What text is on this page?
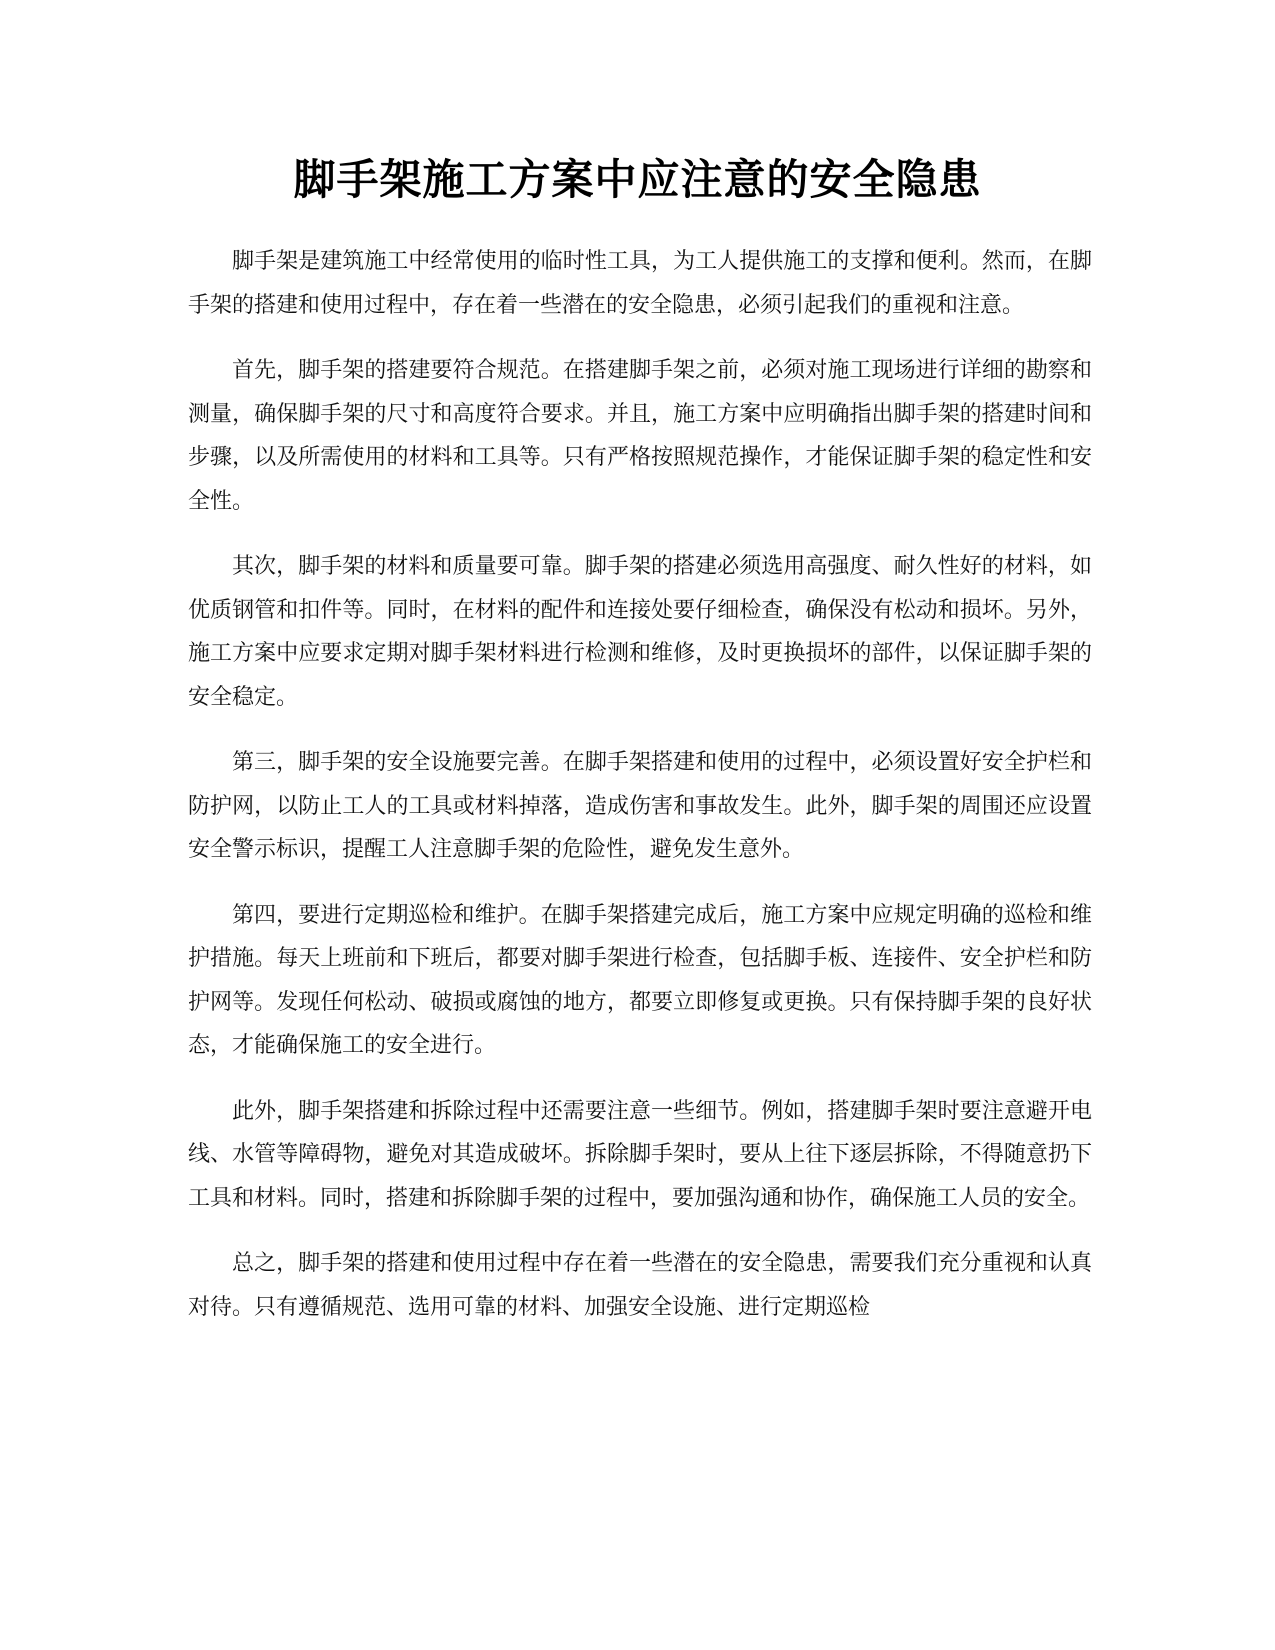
脚手架施工方案中应注意的安全隐患

脚手架是建筑施工中经常使用的临时性工具，为工人提供施工的支撑和便利。然而，在脚手架的搭建和使用过程中，存在着一些潜在的安全隐患，必须引起我们的重视和注意。

首先，脚手架的搭建要符合规范。在搭建脚手架之前，必须对施工现场进行详细的勘察和测量，确保脚手架的尺寸和高度符合要求。并且，施工方案中应明确指出脚手架的搭建时间和步骤，以及所需使用的材料和工具等。只有严格按照规范操作，才能保证脚手架的稳定性和安全性。

其次，脚手架的材料和质量要可靠。脚手架的搭建必须选用高强度、耐久性好的材料，如优质钢管和扣件等。同时，在材料的配件和连接处要仔细检查，确保没有松动和损坏。另外，施工方案中应要求定期对脚手架材料进行检测和维修，及时更换损坏的部件，以保证脚手架的安全稳定。

第三，脚手架的安全设施要完善。在脚手架搭建和使用的过程中，必须设置好安全护栏和防护网，以防止工人的工具或材料掉落，造成伤害和事故发生。此外，脚手架的周围还应设置安全警示标识，提醒工人注意脚手架的危险性，避免发生意外。

第四，要进行定期巡检和维护。在脚手架搭建完成后，施工方案中应规定明确的巡检和维护措施。每天上班前和下班后，都要对脚手架进行检查，包括脚手板、连接件、安全护栏和防护网等。发现任何松动、破损或腐蚀的地方，都要立即修复或更换。只有保持脚手架的良好状态，才能确保施工的安全进行。

此外，脚手架搭建和拆除过程中还需要注意一些细节。例如，搭建脚手架时要注意避开电线、水管等障碍物，避免对其造成破坏。拆除脚手架时，要从上往下逐层拆除，不得随意扔下工具和材料。同时，搭建和拆除脚手架的过程中，要加强沟通和协作，确保施工人员的安全。

总之，脚手架的搭建和使用过程中存在着一些潜在的安全隐患，需要我们充分重视和认真对待。只有遵循规范、选用可靠的材料、加强安全设施、进行定期巡检
